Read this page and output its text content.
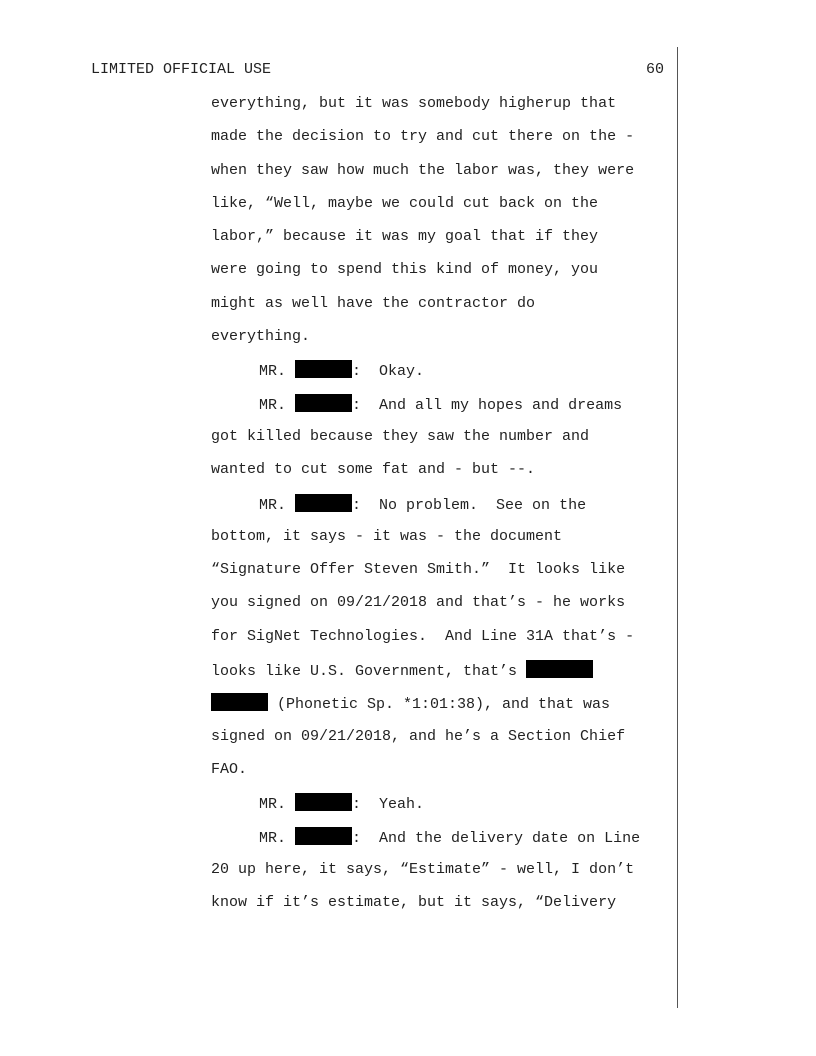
LIMITED OFFICIAL USE	60
everything, but it was somebody higherup that
made the decision to try and cut there on the -
when they saw how much the labor was, they were
like, “Well, maybe we could cut back on the
labor,” because it was my goal that if they
were going to spend this kind of money, you
might as well have the contractor do
everything.
MR.	:  Okay.
MR.	:  And all my hopes and dreams
got killed because they saw the number and
wanted to cut some fat and - but --.
MR.	:  No problem.  See on the
bottom, it says - it was - the document
“Signature Offer Steven Smith.”  It looks like
you signed on 09/21/2018 and that’s - he works
for SigNet Technologies.  And Line 31A that’s -
looks like U.S. Government, that’s
(Phonetic Sp. *1:01:38), and that was
signed on 09/21/2018, and he’s a Section Chief
FAO.
MR.	:  Yeah.
MR.	:  And the delivery date on Line
20 up here, it says, “Estimate” - well, I don’t
know if it’s estimate, but it says, “Delivery
